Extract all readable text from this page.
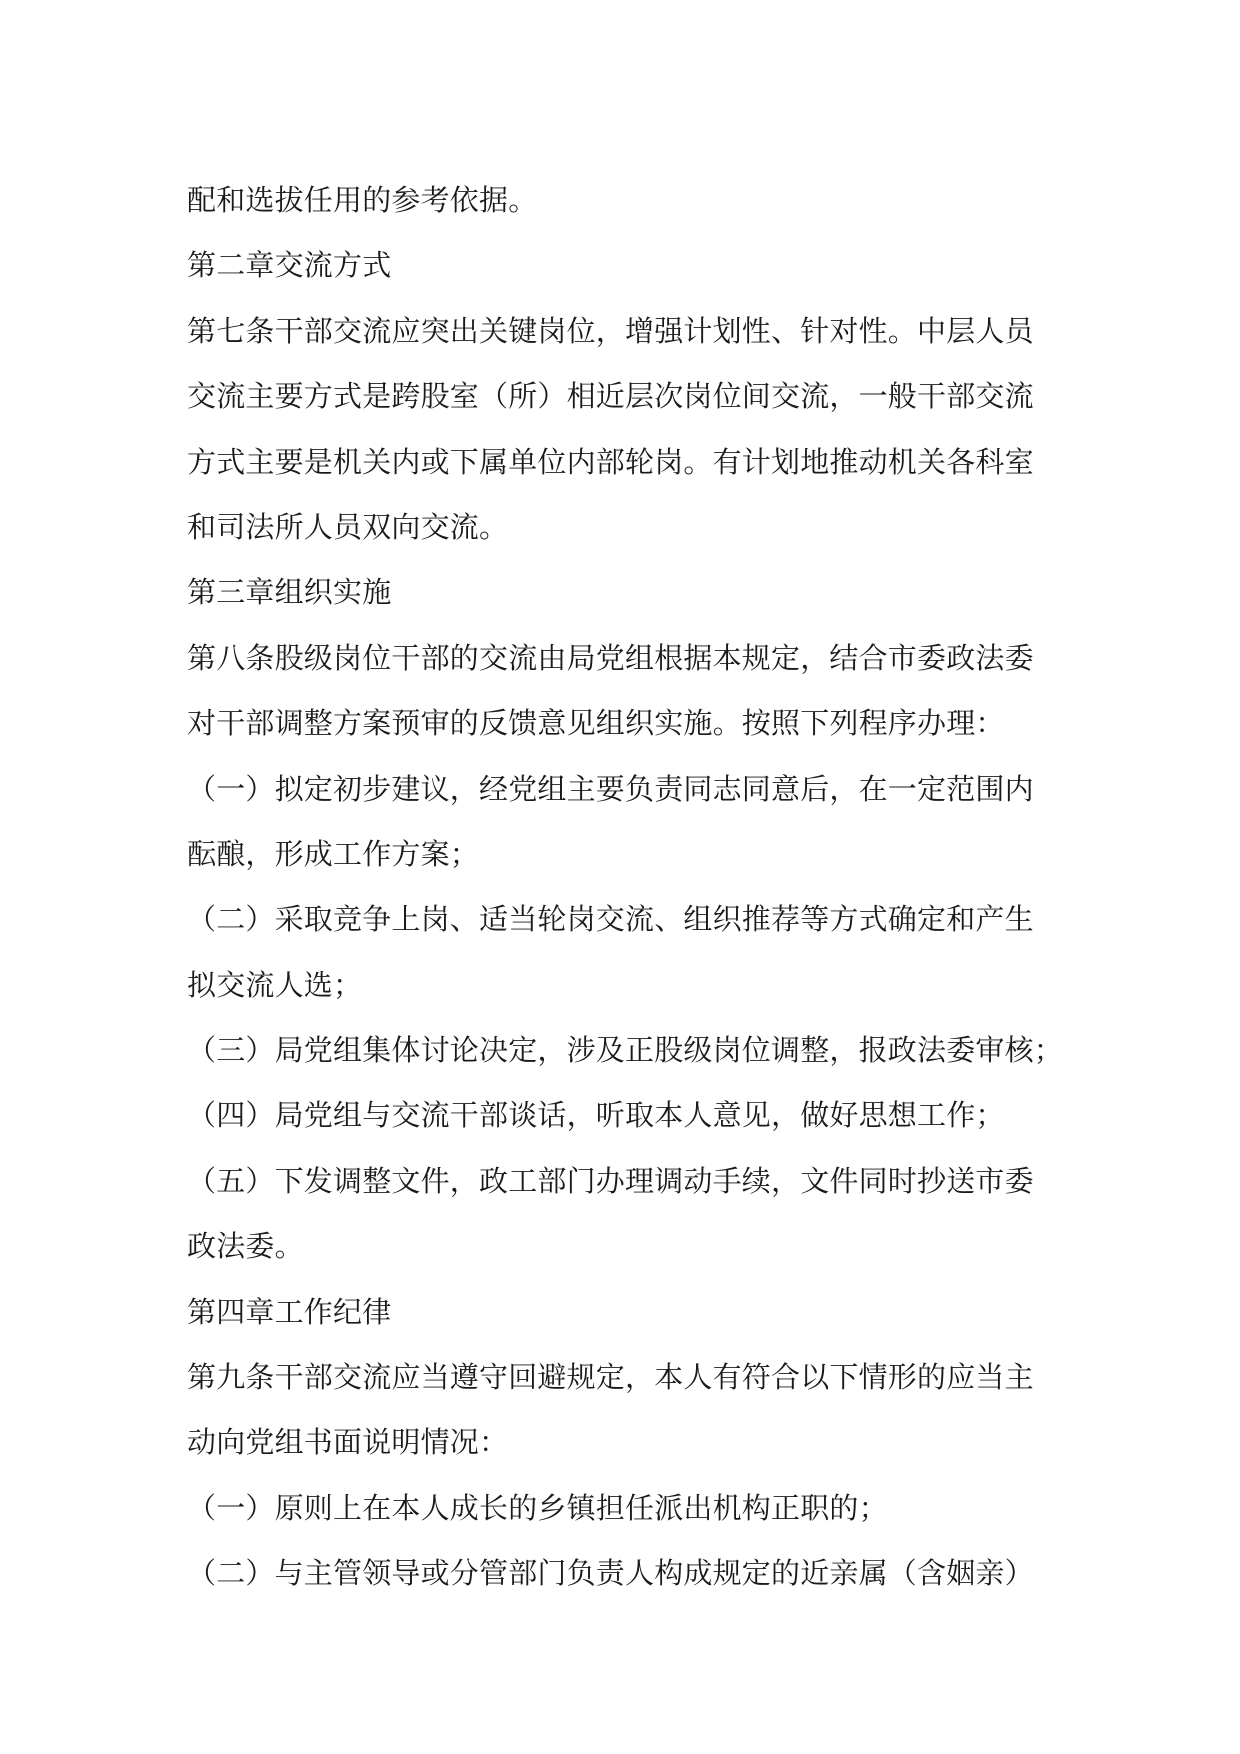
配和选拔任用的参考依据。
第二章交流方式
第七条干部交流应突出关键岗位，增强计划性、针对性。中层人员
交流主要方式是跨股室（所）相近层次岗位间交流，一般干部交流
方式主要是机关内或下属单位内部轮岗。有计划地推动机关各科室
和司法所人员双向交流。
第三章组织实施
第八条股级岗位干部的交流由局党组根据本规定，结合市委政法委
对干部调整方案预审的反馈意见组织实施。按照下列程序办理：
（一）拟定初步建议，经党组主要负责同志同意后，在一定范围内
酝酿，形成工作方案；
（二）采取竞争上岗、适当轮岗交流、组织推荐等方式确定和产生
拟交流人选；
（三）局党组集体讨论决定，涉及正股级岗位调整，报政法委审核；
（四）局党组与交流干部谈话，听取本人意见，做好思想工作；
（五）下发调整文件，政工部门办理调动手续，文件同时抄送市委
政法委。
第四章工作纪律
第九条干部交流应当遵守回避规定，本人有符合以下情形的应当主
动向党组书面说明情况：
（一）原则上在本人成长的乡镇担任派出机构正职的；
（二）与主管领导或分管部门负责人构成规定的近亲属（含姻亲）
